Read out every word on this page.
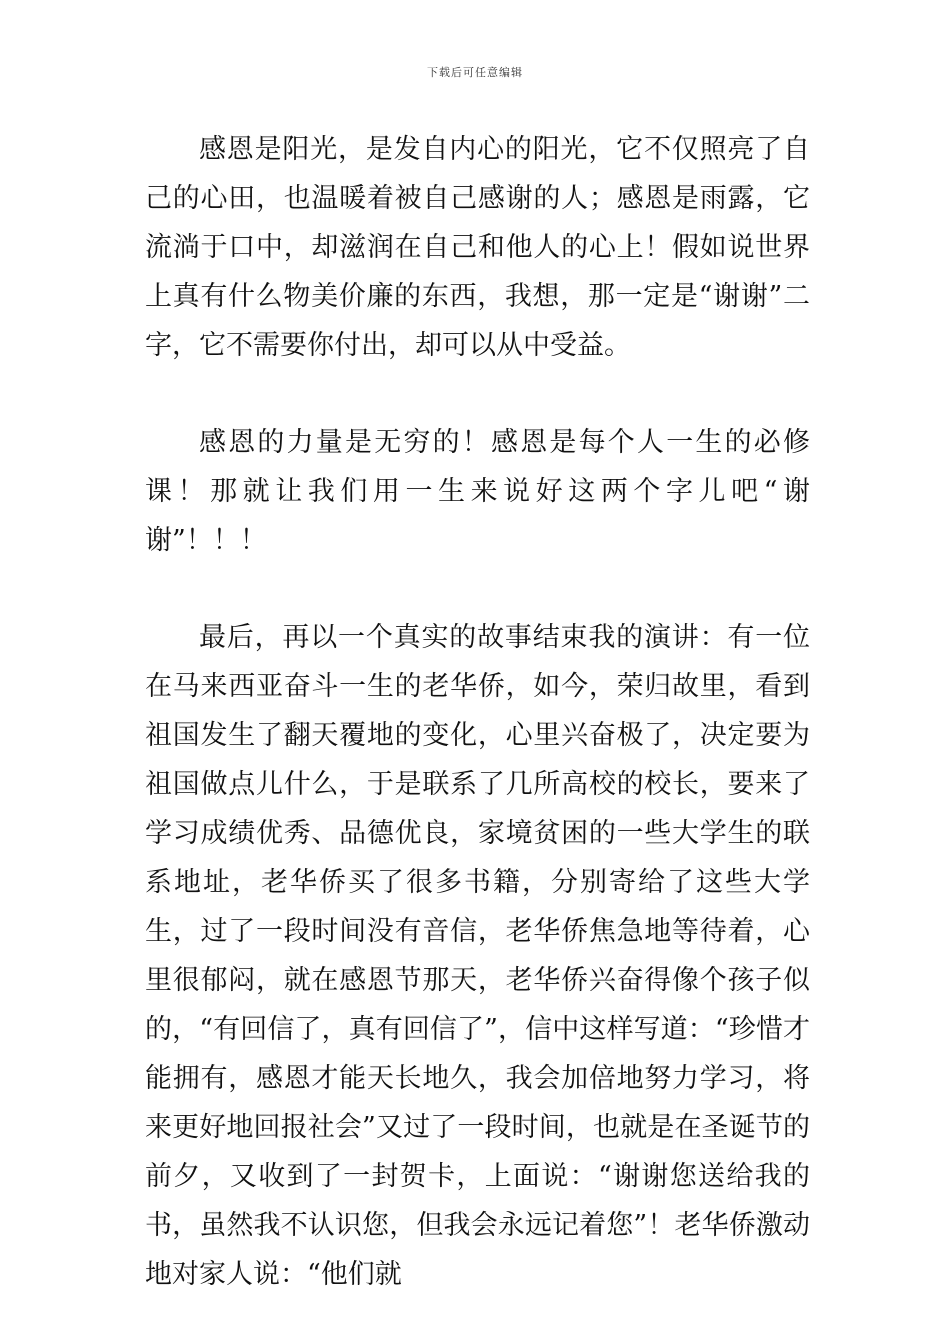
下载后可任意编辑

感恩是阳光，是发自内心的阳光，它不仅照亮了自己的心田，也温暖着被自己感谢的人；感恩是雨露，它流淌于口中，却滋润在自己和他人的心上！假如说世界上真有什么物美价廉的东西，我想，那一定是“谢谢”二字，它不需要你付出，却可以从中受益。

感恩的力量是无穷的！感恩是每个人一生的必修课！那就让我们用一生来说好这两个字儿吧“谢谢”！！！

最后，再以一个真实的故事结束我的演讲：有一位在马来西亚奋斗一生的老华侨，如今，荣归故里，看到祖国发生了翻天覆地的变化，心里兴奋极了，决定要为祖国做点儿什么，于是联系了几所高校的校长，要来了学习成绩优秀、品德优良，家境贫困的一些大学生的联系地址，老华侨买了很多书籍，分别寄给了这些大学生，过了一段时间没有音信，老华侨焦急地等待着，心里很郁闷，就在感恩节那天，老华侨兴奋得像个孩子似的，“有回信了，真有回信了”，信中这样写道：“珍惜才能拥有，感恩才能天长地久，我会加倍地努力学习，将来更好地回报社会”又过了一段时间，也就是在圣诞节的前夕，又收到了一封贺卡，上面说：“谢谢您送给我的书，虽然我不认识您，但我会永远记着您”！老华侨激动地对家人说：“他们就
